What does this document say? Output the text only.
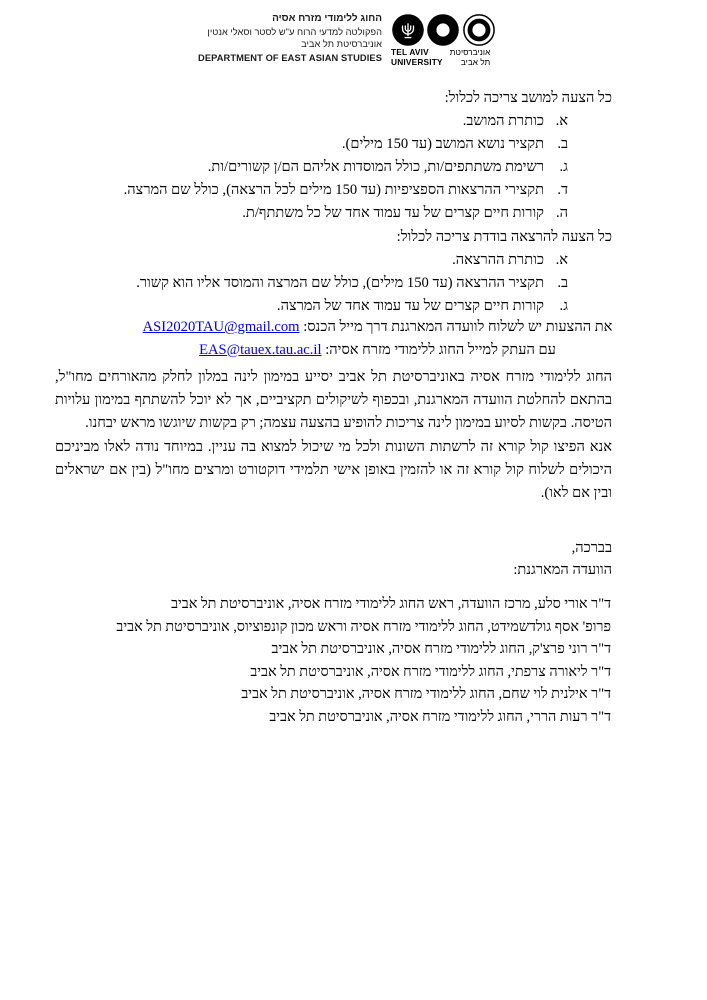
החוג ללימודי מזרח אסיה
הפקולטה למדעי הרוח ע"ש לסטר וסאלי אנטין
אוניברסיטת תל אביב
DEPARTMENT OF EAST ASIAN STUDIES
TEL AVIV
UNIVERSITY
אוניברסיטת
תל אביב
כל הצעה למושב צריכה לכלול:
א.
כותרת המושב.
ב.
תקציר נושא המושב (עד 150 מילים).
ג.
רשימת משתתפים/ות, כולל המוסדות אליהם הם/ן קשורים/ות.
ד.
תקצירי ההרצאות הספציפיות (עד 150 מילים לכל הרצאה), כולל שם המרצה.
ה.
קורות חיים קצרים של עד עמוד אחד של כל משתתף/ת.
כל הצעה להרצאה בודדת צריכה לכלול:
א.
כותרת ההרצאה.
ב.
תקציר ההרצאה (עד 150 מילים), כולל שם המרצה והמוסד אליו הוא קשור.
ג.
קורות חיים קצרים של עד עמוד אחד של המרצה.
את ההצעות יש לשלוח לוועדה המארגנת דרך מייל הכנס: ASI2020TAU@gmail.com
עם העתק למייל החוג ללימודי מזרח אסיה: EAS@tauex.tau.ac.il
החוג ללימודי מזרח אסיה באוניברסיטת תל אביב יסייע במימון לינה במלון לחלק מהאורחים מחו"ל, בהתאם להחלטת הוועדה המארגנת, ובכפוף לשיקולים תקציביים, אך לא יוכל להשתתף במימון עלויות הטיסה. בקשות לסיוע במימון לינה צריכות להופיע בהצעה עצמה; רק בקשות שיוגשו מראש יבחנו.
אנא הפיצו קול קורא זה לרשתות השונות ולכל מי שיכול למצוא בה עניין. במיוחד נודה לאלו מביניכם היכולים לשלוח קול קורא זה או להזמין באופן אישי תלמידי דוקטורט ומרצים מחו"ל (בין אם ישראלים ובין אם לאו).
בברכה,
הוועדה המארגנת:
ד"ר אורי סלע, מרכז הוועדה, ראש החוג ללימודי מזרח אסיה, אוניברסיטת תל אביב
פרופ' אסף גולדשמידט, החוג ללימודי מזרח אסיה וראש מכון קונפוציוס, אוניברסיטת תל אביב
ד"ר רוני פרצ'ק, החוג ללימודי מזרח אסיה, אוניברסיטת תל אביב
ד"ר ליאורה צרפתי, החוג ללימודי מזרח אסיה, אוניברסיטת תל אביב
ד"ר אילנית לוי שחם, החוג ללימודי מזרח אסיה, אוניברסיטת תל אביב
ד"ר רעות הררי, החוג ללימודי מזרח אסיה, אוניברסיטת תל אביב
